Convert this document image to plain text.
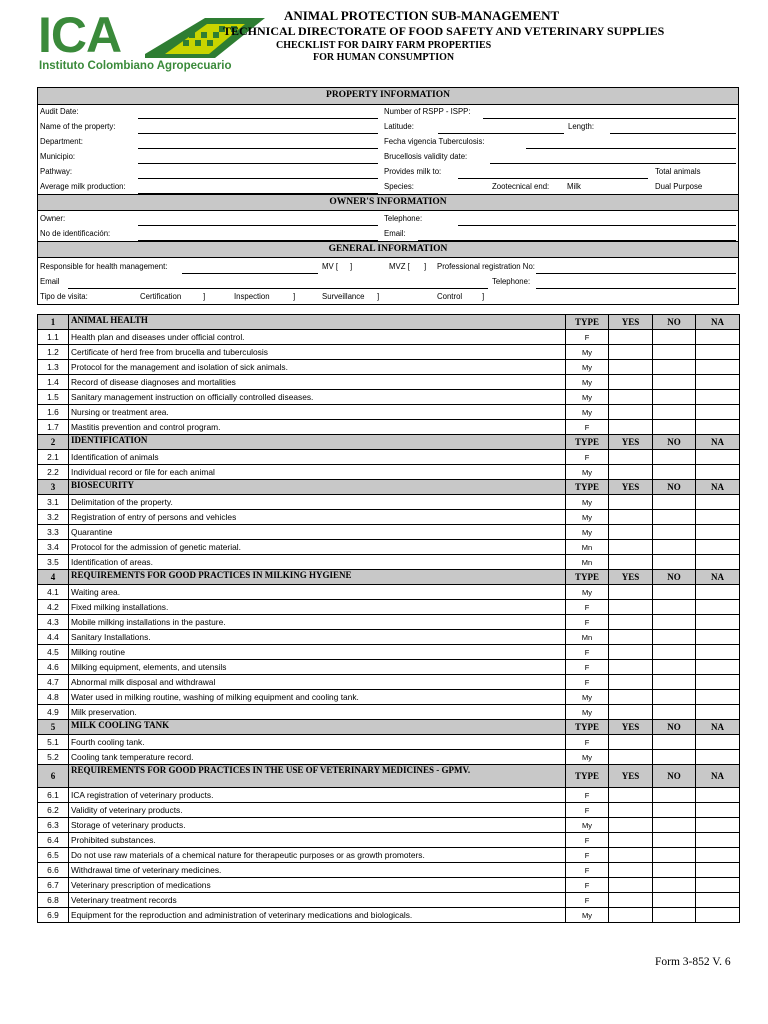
ICA
Instituto Colombiano Agropecuario
ANIMAL PROTECTION SUB-MANAGEMENT
TECHNICAL DIRECTORATE OF FOOD SAFETY AND VETERINARY SUPPLIES
CHECKLIST FOR DAIRY FARM PROPERTIES
FOR HUMAN CONSUMPTION
PROPERTY INFORMATION
Audit Date:	Number of RSPP - ISPP:
Name of the property:	Latitude:	Length:
Department:	Fecha vigencia Tuberculosis:
Municipio:	Brucellosis validity date:
Pathway:	Provides milk to:	Total animals
Average milk production:	Species:	Zootecnical end: Milk	Dual Purpose
OWNER'S INFORMATION
Owner:	Telephone:
No de identificación:	Email:
GENERAL INFORMATION
Responsible for health management:	MV [ ]	MVZ [ ] Professional registration No:
Email	Telephone:
Tipo de visita:	Certification	]	Inspection	]	Surveillance ]	Control	]
1	ANIMAL HEALTH	TYPE	YES	NO	NA
1.1	Health plan and diseases under official control.	F			
1.2	Certificate of herd free from brucella and tuberculosis	My			
1.3	Protocol for the management and isolation of sick animals.	My			
1.4	Record of disease diagnoses and mortalities	My			
1.5	Sanitary management instruction on officially controlled diseases.	My			
1.6	Nursing or treatment area.	My			
1.7	Mastitis prevention and control program.	F			
2	IDENTIFICATION	TYPE	YES	NO	NA
2.1	Identification of animals	F			
2.2	Individual record or file for each animal	My			
3	BIOSECURITY	TYPE	YES	NO	NA
3.1	Delimitation of the property.	My			
3.2	Registration of entry of persons and vehicles	My			
3.3	Quarantine	My			
3.4	Protocol for the admission of genetic material.	Mn			
3.5	Identification of areas.	Mn			
4	REQUIREMENTS FOR GOOD PRACTICES IN MILKING HYGIENE	TYPE	YES	NO	NA
4.1	Waiting area.	My			
4.2	Fixed milking installations.	F			
4.3	Mobile milking installations in the pasture.	F			
4.4	Sanitary Installations.	Mn			
4.5	Milking routine	F			
4.6	Milking equipment, elements, and utensils	F			
4.7	Abnormal milk disposal and withdrawal	F			
4.8	Water used in milking routine, washing of milking equipment and cooling tank.	My			
4.9	Milk preservation.	My			
5	MILK COOLING TANK	TYPE	YES	NO	NA
5.1	Fourth cooling tank.	F			
5.2	Cooling tank temperature record.	My			
6	REQUIREMENTS FOR GOOD PRACTICES IN THE USE OF VETERINARY MEDICINES - GPMV.	TYPE	YES	NO	NA
6.1	ICA registration of veterinary products.	F			
6.2	Validity of veterinary products.	F			
6.3	Storage of veterinary products.	My			
6.4	Prohibited substances.	F			
6.5	Do not use raw materials of a chemical nature for therapeutic purposes or as growth promoters.	F			
6.6	Withdrawal time of veterinary medicines.	F			
6.7	Veterinary prescription of medications	F			
6.8	Veterinary treatment records	F			
6.9	Equipment for the reproduction and administration of veterinary medications and biologicals.	My			
Form 3-852 V. 6
